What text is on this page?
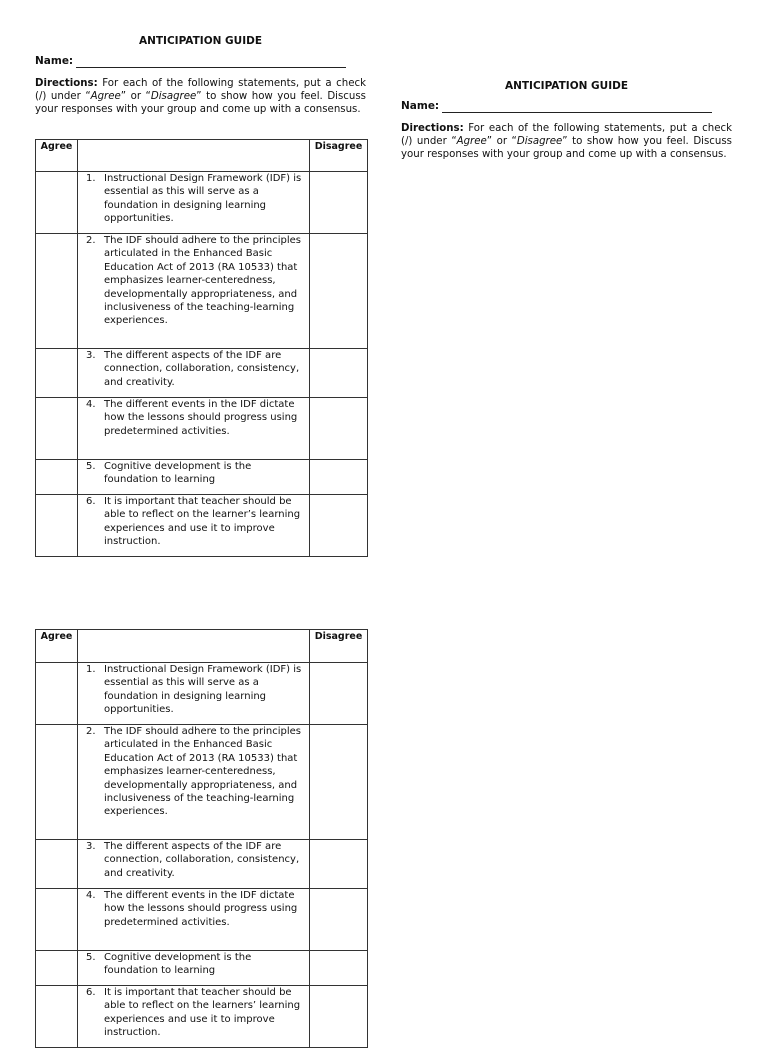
ANTICIPATION GUIDE
Name:
Directions: For each of the following statements, put a check (/) under “Agree” or “Disagree” to show how you feel. Discuss your responses with your group and come up with a consensus.
ANTICIPATION GUIDE
Name:
Directions: For each of the following statements, put a check (/) under “Agree” or “Disagree” to show how you feel. Discuss your responses with your group and come up with a consensus.
Agree		Disagree

	1. Instructional Design Framework (IDF) is essential as this will serve as a foundation in designing learning opportunities.	

	2. The IDF should adhere to the principles articulated in the Enhanced Basic Education Act of 2013 (RA 10533) that emphasizes learner-centeredness, developmentally appropriateness, and inclusiveness of the teaching-learning experiences.	

	3. The different aspects of the IDF are connection, collaboration, consistency, and creativity.	

	4. The different events in the IDF dictate how the lessons should progress using predetermined activities.	

	5. Cognitive development is the foundation to learning	

	6. It is important that teacher should be able to reflect on the learner’s learning experiences and use it to improve instruction.	

Agree		Disagree

	1. Instructional Design Framework (IDF) is essential as this will serve as a foundation in designing learning opportunities.	

	2. The IDF should adhere to the principles articulated in the Enhanced Basic Education Act of 2013 (RA 10533) that emphasizes learner-centeredness, developmentally appropriateness, and inclusiveness of the teaching-learning experiences.	

	3. The different aspects of the IDF are connection, collaboration, consistency, and creativity.	

	4. The different events in the IDF dictate how the lessons should progress using predetermined activities.	

	5. Cognitive development is the foundation to learning	

	6. It is important that teacher should be able to reflect on the learners’ learning experiences and use it to improve instruction.	
